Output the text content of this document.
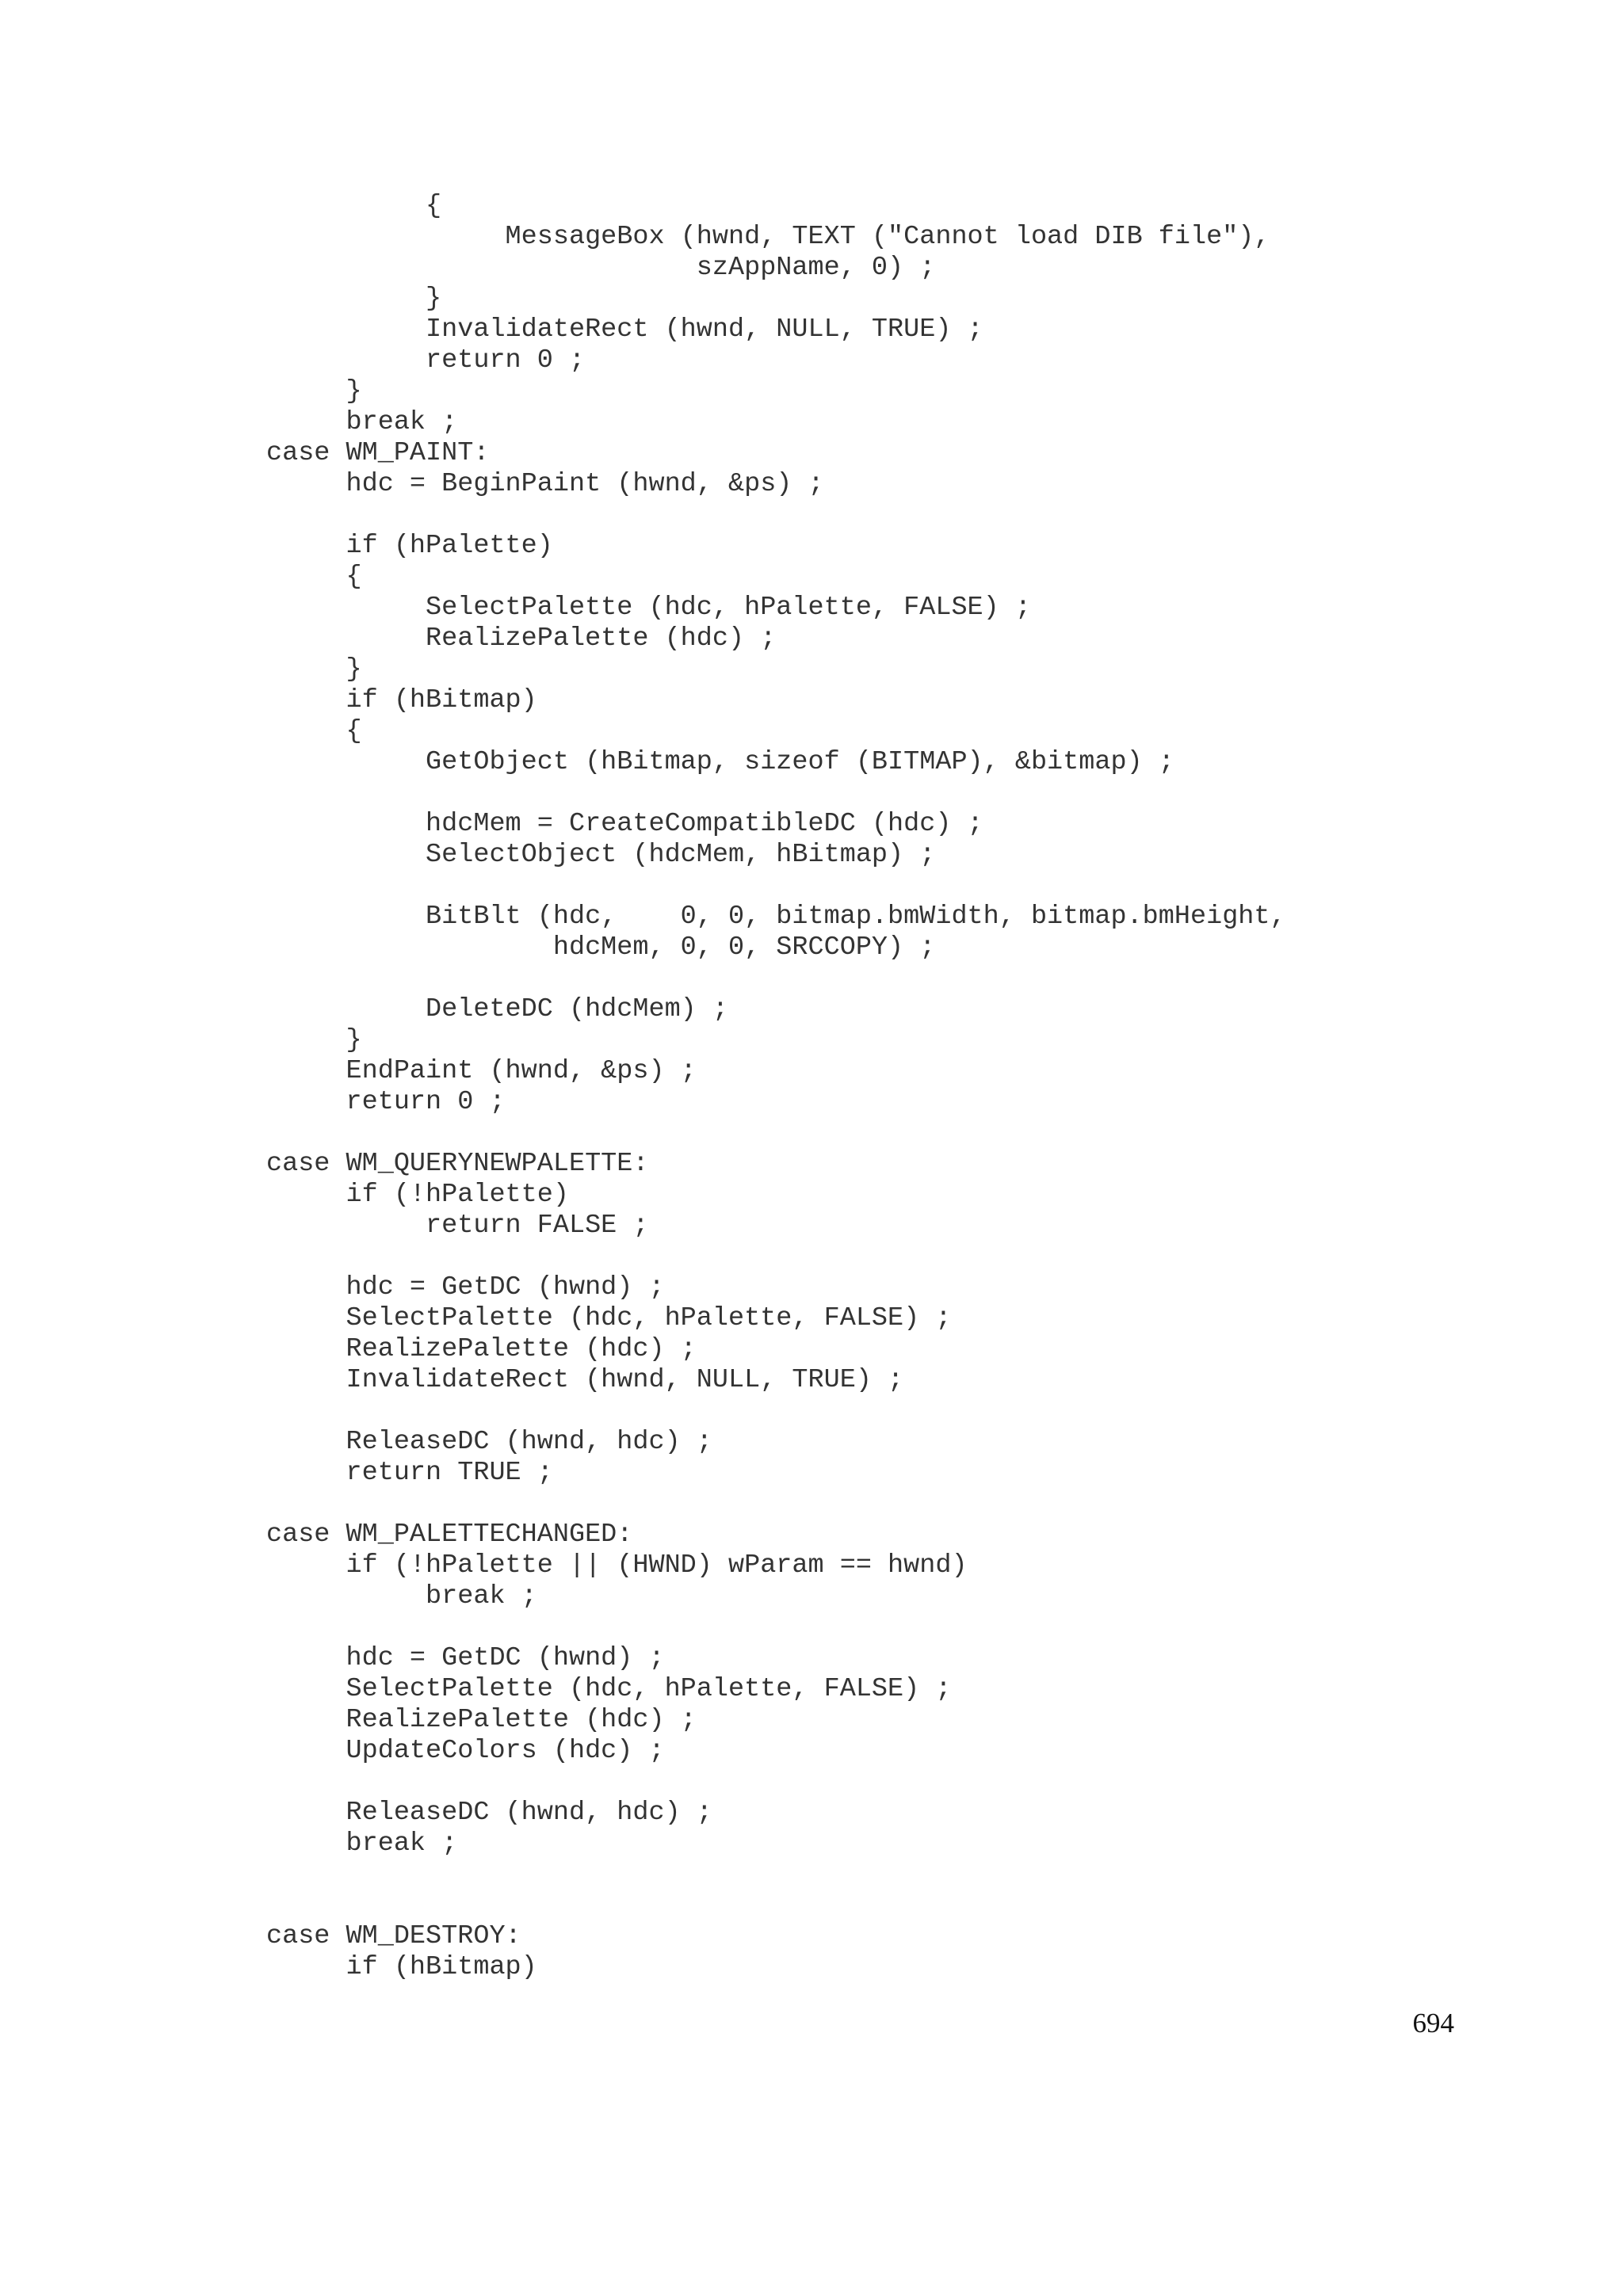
{
MessageBox (hwnd, TEXT ("Cannot load DIB file"),
szAppName, 0) ;
}
InvalidateRect (hwnd, NULL, TRUE) ;
return 0 ;
}
break ;
case WM_PAINT:
hdc = BeginPaint (hwnd, &ps) ;

if (hPalette)
{
SelectPalette (hdc, hPalette, FALSE) ;
RealizePalette (hdc) ;
}
if (hBitmap)
{
GetObject (hBitmap, sizeof (BITMAP), &bitmap) ;

hdcMem = CreateCompatibleDC (hdc) ;
SelectObject (hdcMem, hBitmap) ;

BitBlt (hdc,    0, 0, bitmap.bmWidth, bitmap.bmHeight,
hdcMem, 0, 0, SRCCOPY) ;

DeleteDC (hdcMem) ;
}
EndPaint (hwnd, &ps) ;
return 0 ;

case WM_QUERYNEWPALETTE:
if (!hPalette)
return FALSE ;

hdc = GetDC (hwnd) ;
SelectPalette (hdc, hPalette, FALSE) ;
RealizePalette (hdc) ;
InvalidateRect (hwnd, NULL, TRUE) ;

ReleaseDC (hwnd, hdc) ;
return TRUE ;

case WM_PALETTECHANGED:
if (!hPalette || (HWND) wParam == hwnd)
break ;

hdc = GetDC (hwnd) ;
SelectPalette (hdc, hPalette, FALSE) ;
RealizePalette (hdc) ;
UpdateColors (hdc) ;

ReleaseDC (hwnd, hdc) ;
break ;

case WM_DESTROY:
if (hBitmap)
694
